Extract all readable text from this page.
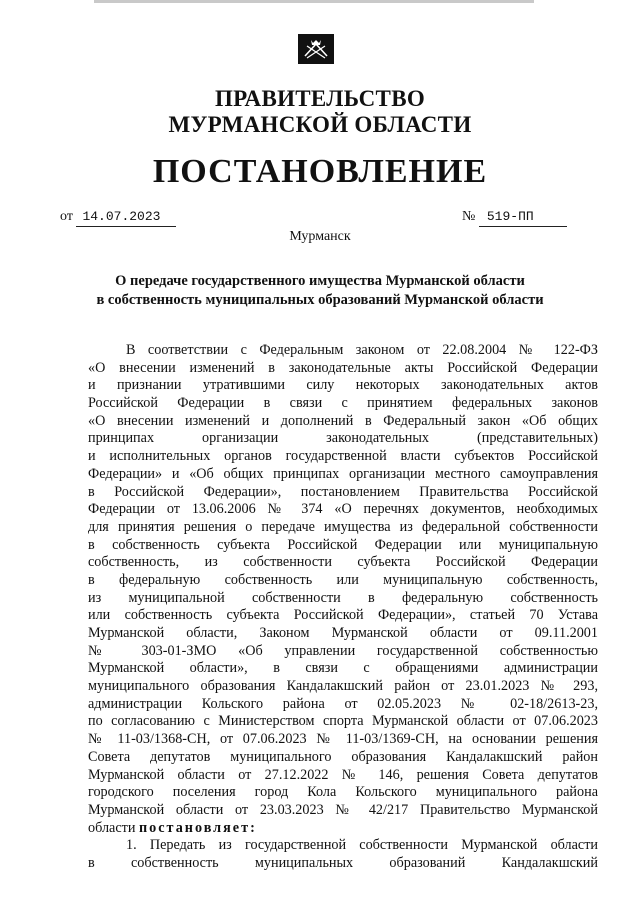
ПРАВИТЕЛЬСТВО
МУРМАНСКОЙ ОБЛАСТИ
ПОСТАНОВЛЕНИЕ
от 14.07.2023	№ 519-ПП
Мурманск
О передаче государственного имущества Мурманской области
в собственность муниципальных образований Мурманской области
В соответствии с Федеральным законом от 22.08.2004 № 122-ФЗ
«О внесении изменений в законодательные акты Российской Федерации
и признании утратившими силу некоторых законодательных актов
Российской Федерации в связи с принятием федеральных законов
«О внесении изменений и дополнений в Федеральный закон «Об общих
принципах организации законодательных (представительных)
и исполнительных органов государственной власти субъектов Российской
Федерации» и «Об общих принципах организации местного самоуправления
в Российской Федерации», постановлением Правительства Российской
Федерации от 13.06.2006 № 374 «О перечнях документов, необходимых
для принятия решения о передаче имущества из федеральной собственности
в собственность субъекта Российской Федерации или муниципальную
собственность, из собственности субъекта Российской Федерации
в федеральную собственность или муниципальную собственность,
из муниципальной собственности в федеральную собственность
или собственность субъекта Российской Федерации», статьей 70 Устава
Мурманской области, Законом Мурманской области от 09.11.2001
№ 303-01-ЗМО «Об управлении государственной собственностью
Мурманской области», в связи с обращениями администрации
муниципального образования Кандалакшский район от 23.01.2023 № 293,
администрации Кольского района от 02.05.2023 № 02-18/2613-23,
по согласованию с Министерством спорта Мурманской области от 07.06.2023
№ 11-03/1368-СН, от 07.06.2023 № 11-03/1369-СН, на основании решения
Совета депутатов муниципального образования Кандалакшский район
Мурманской области от 27.12.2022 № 146, решения Совета депутатов
городского поселения город Кола Кольского муниципального района
Мурманской области от 23.03.2023 № 42/217 Правительство Мурманской
области постановляет:
1. Передать из государственной собственности Мурманской области
в собственность муниципальных образований Кандалакшский
